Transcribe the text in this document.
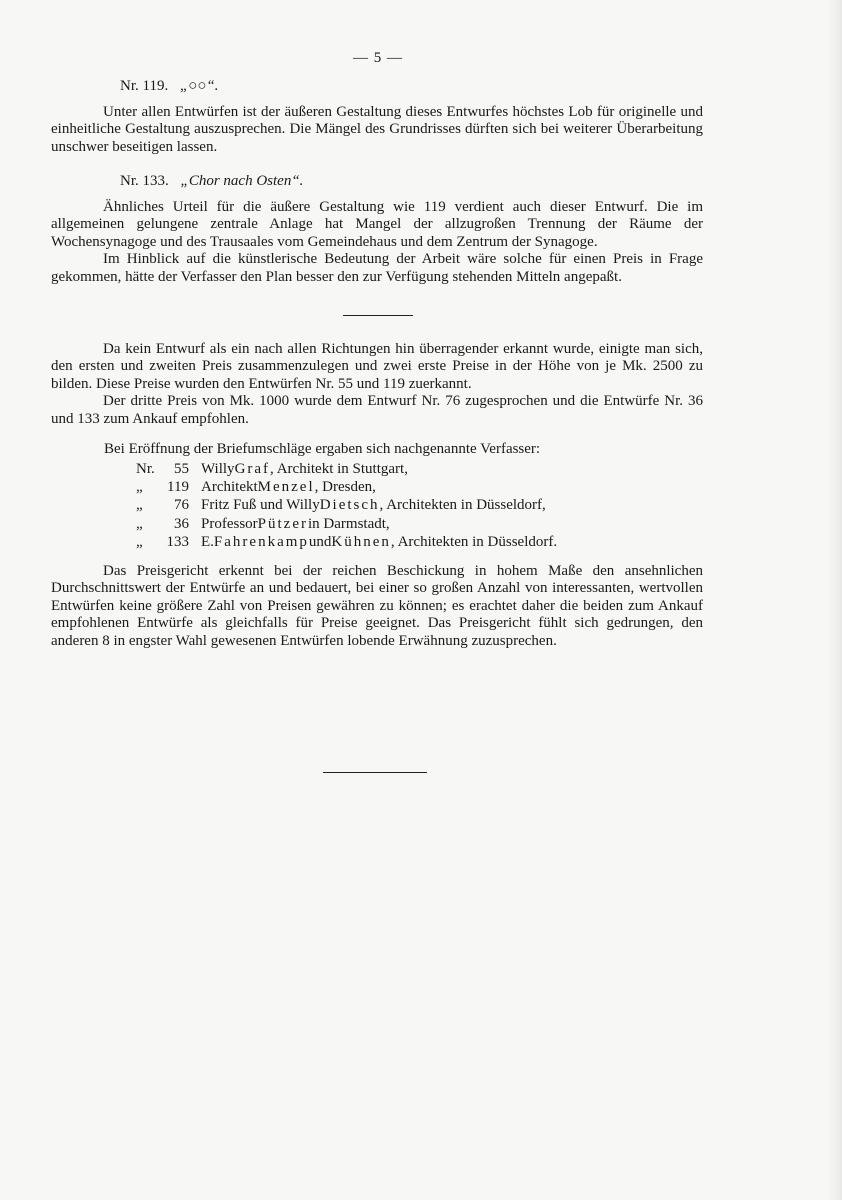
— 5 —
Nr. 119. „○○“.

Unter allen Entwürfen ist der äußeren Gestaltung dieses Entwurfes höchstes Lob für originelle und einheitliche Gestaltung auszusprechen. Die Mängel des Grundrisses dürften sich bei weiterer Überarbeitung unschwer beseitigen lassen.

Nr. 133. „Chor nach Osten“.

Ähnliches Urteil für die äußere Gestaltung wie 119 verdient auch dieser Entwurf. Die im allgemeinen gelungene zentrale Anlage hat Mangel der allzugroßen Trennung der Räume der Wochensynagoge und des Trausaales vom Gemeindehaus und dem Zentrum der Synagoge.

Im Hinblick auf die künstlerische Bedeutung der Arbeit wäre solche für einen Preis in Frage gekommen, hätte der Verfasser den Plan besser den zur Verfügung stehenden Mitteln angepaßt.

Da kein Entwurf als ein nach allen Richtungen hin überragender erkannt wurde, einigte man sich, den ersten und zweiten Preis zusammenzulegen und zwei erste Preise in der Höhe von je Mk. 2500 zu bilden. Diese Preise wurden den Entwürfen Nr. 55 und 119 zuerkannt.

Der dritte Preis von Mk. 1000 wurde dem Entwurf Nr. 76 zugesprochen und die Entwürfe Nr. 36 und 133 zum Ankauf empfohlen.

Bei Eröffnung der Briefumschläge ergaben sich nachgenannte Verfasser:
Nr.	55 Willy Graf , Architekt in Stuttgart,
„	119 Architekt Menzel , Dresden,
„	76 Fritz Fuß und Willy Dietsch , Architekten in Düsseldorf,
„	36 Professor Pützer in Darmstadt,
„	133 E. Fahrenkamp und Kühnen , Architekten in Düsseldorf.

Das Preisgericht erkennt bei der reichen Beschickung in hohem Maße den ansehnlichen Durchschnittswert der Entwürfe an und bedauert, bei einer so großen Anzahl von interessanten, wertvollen Entwürfen keine größere Zahl von Preisen gewähren zu können; es erachtet daher die beiden zum Ankauf empfohlenen Entwürfe als gleichfalls für Preise geeignet. Das Preisgericht fühlt sich gedrungen, den anderen 8 in engster Wahl gewesenen Entwürfen lobende Erwähnung zuzusprechen.
